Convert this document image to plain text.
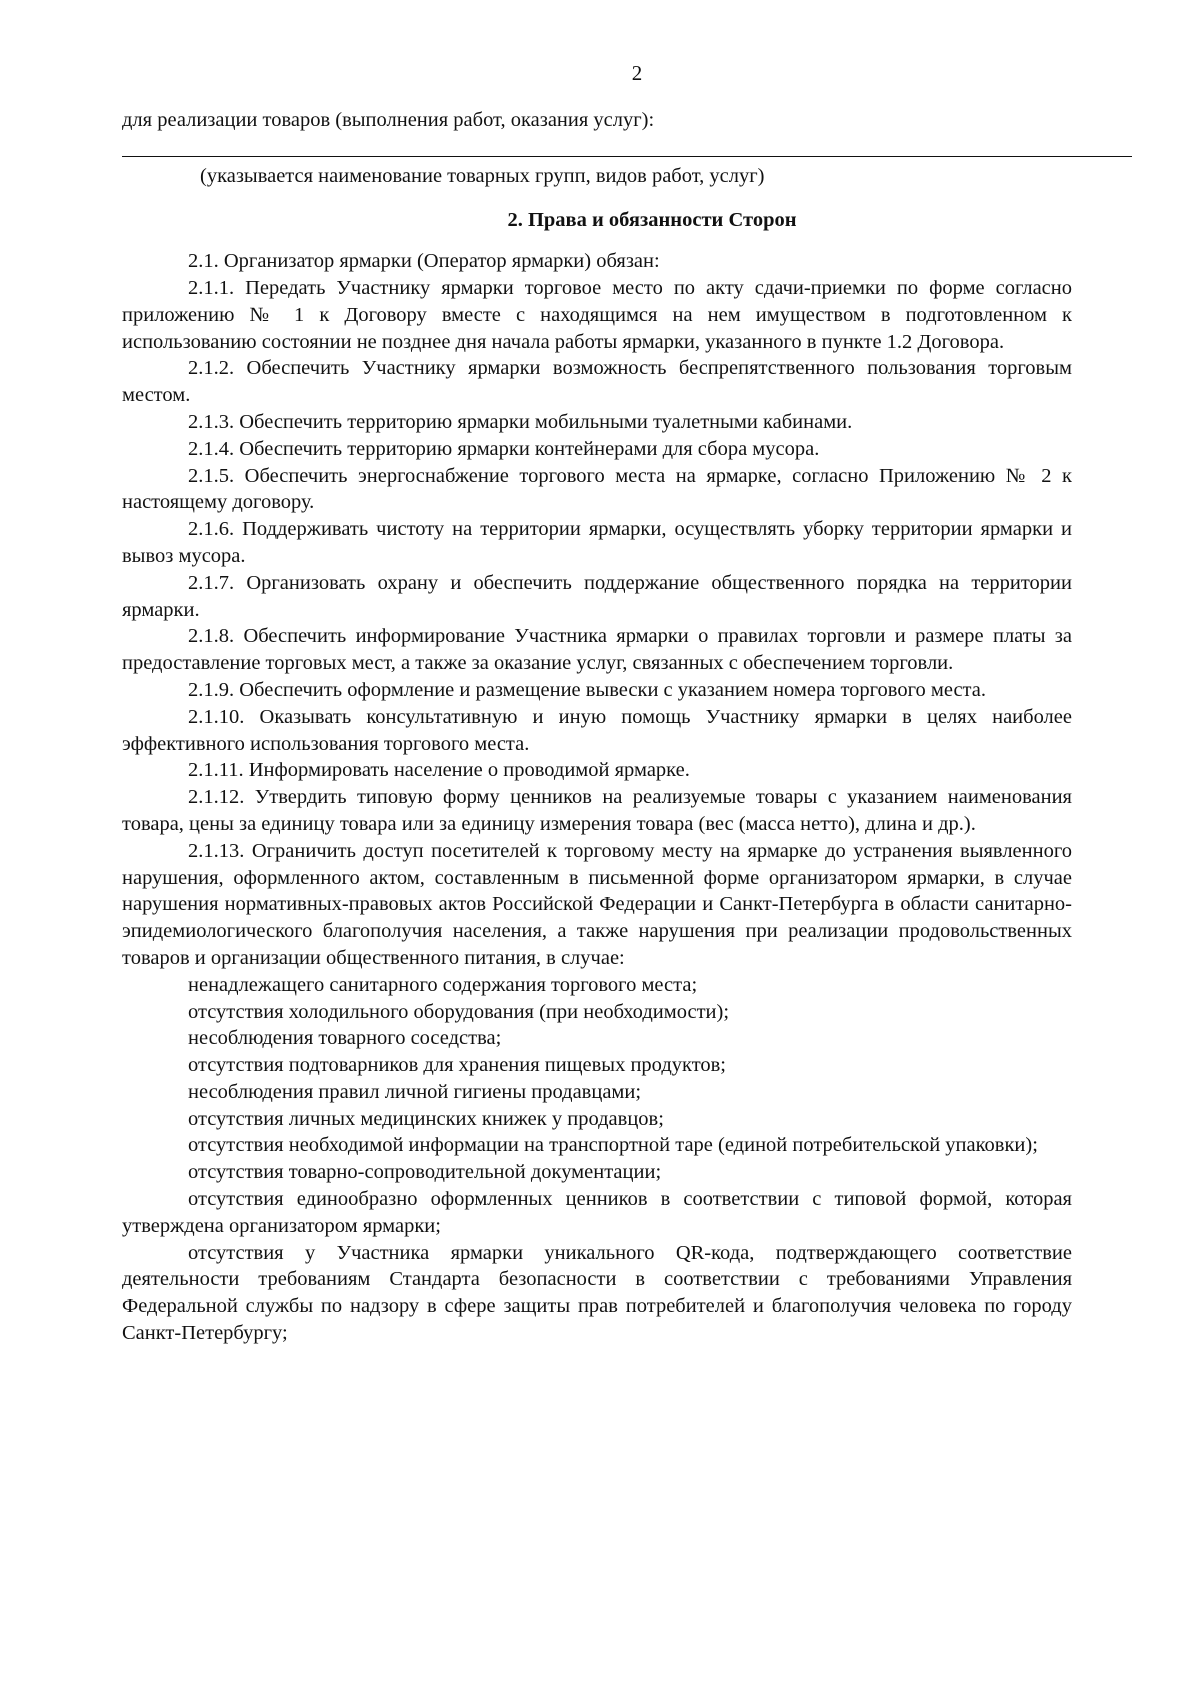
2

для реализации товаров (выполнения работ, оказания услуг):

(указывается наименование товарных групп, видов работ, услуг)

2. Права и обязанности Сторон

2.1. Организатор ярмарки (Оператор ярмарки) обязан:

2.1.1. Передать Участнику ярмарки торговое место по акту сдачи-приемки по форме согласно приложению № 1 к Договору вместе с находящимся на нем имуществом в подготовленном к использованию состоянии не позднее дня начала работы ярмарки, указанного в пункте 1.2 Договора.

2.1.2. Обеспечить Участнику ярмарки возможность беспрепятственного пользования торговым местом.

2.1.3. Обеспечить территорию ярмарки мобильными туалетными кабинами.

2.1.4. Обеспечить территорию ярмарки контейнерами для сбора мусора.

2.1.5. Обеспечить энергоснабжение торгового места на ярмарке, согласно Приложению № 2 к настоящему договору.

2.1.6. Поддерживать чистоту на территории ярмарки, осуществлять уборку территории ярмарки и вывоз мусора.

2.1.7. Организовать охрану и обеспечить поддержание общественного порядка на территории ярмарки.

2.1.8. Обеспечить информирование Участника ярмарки о правилах торговли и размере платы за предоставление торговых мест, а также за оказание услуг, связанных с обеспечением торговли.

2.1.9. Обеспечить оформление и размещение вывески с указанием номера торгового места.

2.1.10. Оказывать консультативную и иную помощь Участнику ярмарки в целях наиболее эффективного использования торгового места.

2.1.11. Информировать население о проводимой ярмарке.

2.1.12. Утвердить типовую форму ценников на реализуемые товары с указанием наименования товара, цены за единицу товара или за единицу измерения товара (вес (масса нетто), длина и др.).

2.1.13. Ограничить доступ посетителей к торговому месту на ярмарке до устранения выявленного нарушения, оформленного актом, составленным в письменной форме организатором ярмарки, в случае нарушения нормативных-правовых актов Российской Федерации и Санкт-Петербурга в области санитарно-эпидемиологического благополучия населения, а также нарушения при реализации продовольственных товаров и организации общественного питания, в случае:

ненадлежащего санитарного содержания торгового места;

отсутствия холодильного оборудования (при необходимости);

несоблюдения товарного соседства;

отсутствия подтоварников для хранения пищевых продуктов;

несоблюдения правил личной гигиены продавцами;

отсутствия личных медицинских книжек у продавцов;

отсутствия необходимой информации на транспортной таре (единой потребительской упаковки);

отсутствия товарно-сопроводительной документации;

отсутствия единообразно оформленных ценников в соответствии с типовой формой, которая утверждена организатором ярмарки;

отсутствия у Участника ярмарки уникального QR-кода, подтверждающего соответствие деятельности требованиям Стандарта безопасности в соответствии с требованиями Управления Федеральной службы по надзору в сфере защиты прав потребителей и благополучия человека по городу Санкт-Петербургу;
